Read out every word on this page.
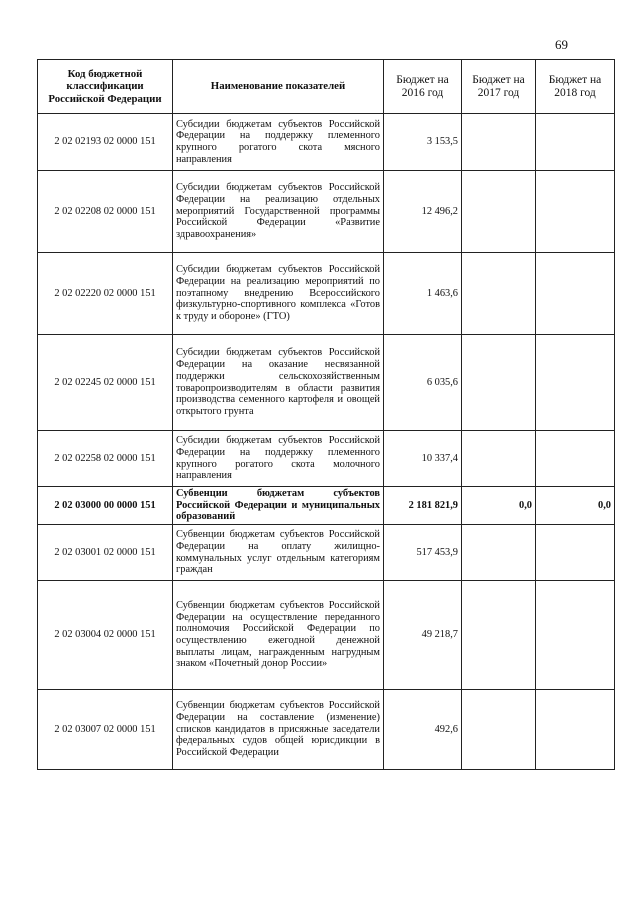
69
Код бюджетной классификации Российской Федерации	Наименование показателей	Бюджет на 2016 год	Бюджет на 2017 год	Бюджет на 2018 год
2 02 02193 02 0000 151	Субсидии бюджетам субъектов Российской Федерации на поддержку племенного крупного рогатого скота мясного направления	3 153,5		
2 02 02208 02 0000 151	Субсидии бюджетам субъектов Российской Федерации на реализацию отдельных мероприятий Государственной программы Российской Федерации «Развитие здравоохранения»	12 496,2		
2 02 02220 02 0000 151	Субсидии бюджетам субъектов Российской Федерации на реализацию мероприятий по поэтапному внедрению Всероссийского физкультурно-спортивного комплекса «Готов к труду и обороне» (ГТО)	1 463,6		
2 02 02245 02 0000 151	Субсидии бюджетам субъектов Российской Федерации на оказание несвязанной поддержки сельскохозяйственным товаропроизводителям в области развития производства семенного картофеля и овощей открытого грунта	6 035,6		
2 02 02258 02 0000 151	Субсидии бюджетам субъектов Российской Федерации на поддержку племенного крупного рогатого скота молочного направления	10 337,4		
2 02 03000 00 0000 151	Субвенции бюджетам субъектов Российской Федерации и муниципальных образований	2 181 821,9	0,0	0,0
2 02 03001 02 0000 151	Субвенции бюджетам субъектов Российской Федерации на оплату жилищно-коммунальных услуг отдельным категориям граждан	517 453,9		
2 02 03004 02 0000 151	Субвенции бюджетам субъектов Российской Федерации на осуществление переданного полномочия Российской Федерации по осуществлению ежегодной денежной выплаты лицам, награжденным нагрудным знаком «Почетный донор России»	49 218,7		
2 02 03007 02 0000 151	Субвенции бюджетам субъектов Российской Федерации на составление (изменение) списков кандидатов в присяжные заседатели федеральных судов общей юрисдикции в Российской Федерации	492,6		
